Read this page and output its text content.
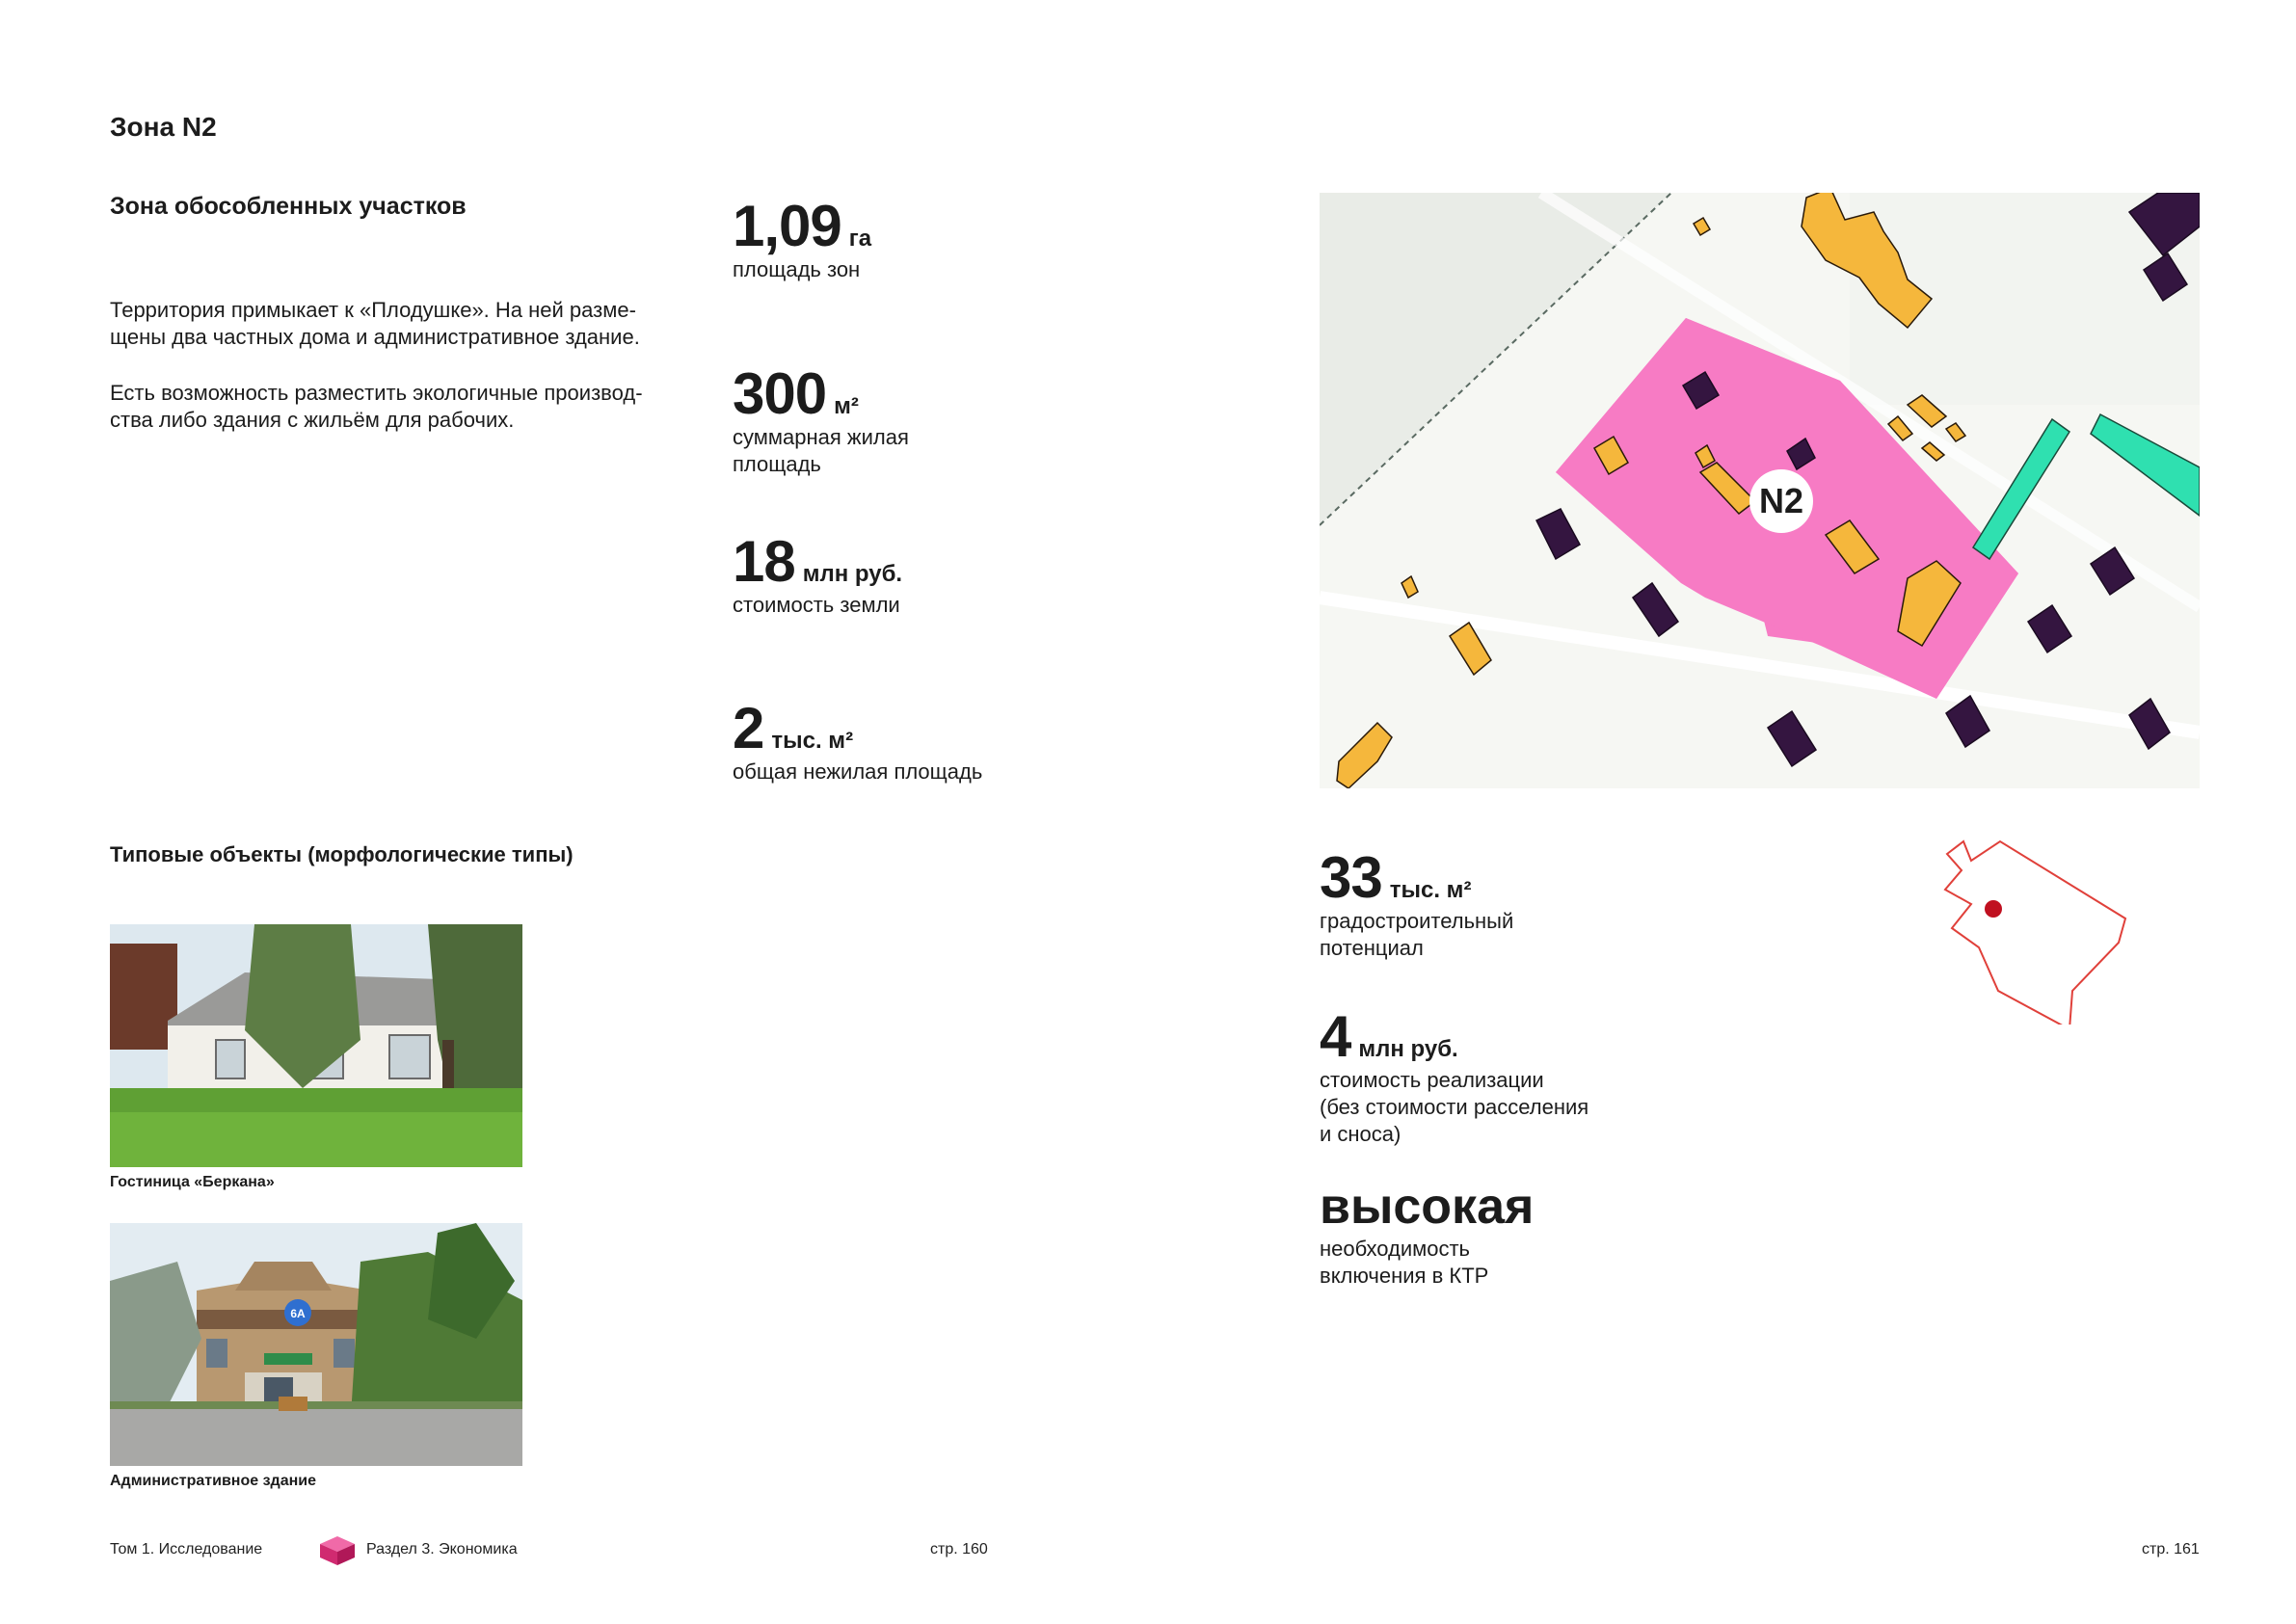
Зона N2
Зона обособленных участков

Территория примыкает к «Плодушке». На ней разме-
щены два частных дома и административное здание.

Есть возможность разместить экологичные производ-
ства либо здания с жильём для рабочих.

1,09 га
площадь зон
300 м²
суммарная жилая
площадь
18 млн руб.
стоимость земли
2 тыс. м²
общая нежилая площадь
Типовые объекты (морфологические типы)
Гостиница «Беркана»
6A
Административное здание
N2
33 тыс. м²
градостроительный
потенциал
4 млн руб.
стоимость реализации
(без стоимости расселения
и сноса)
высокая
необходимость
включения в КТР
Том 1. Исследование	Раздел 3. Экономика	стр. 160	стр. 161
